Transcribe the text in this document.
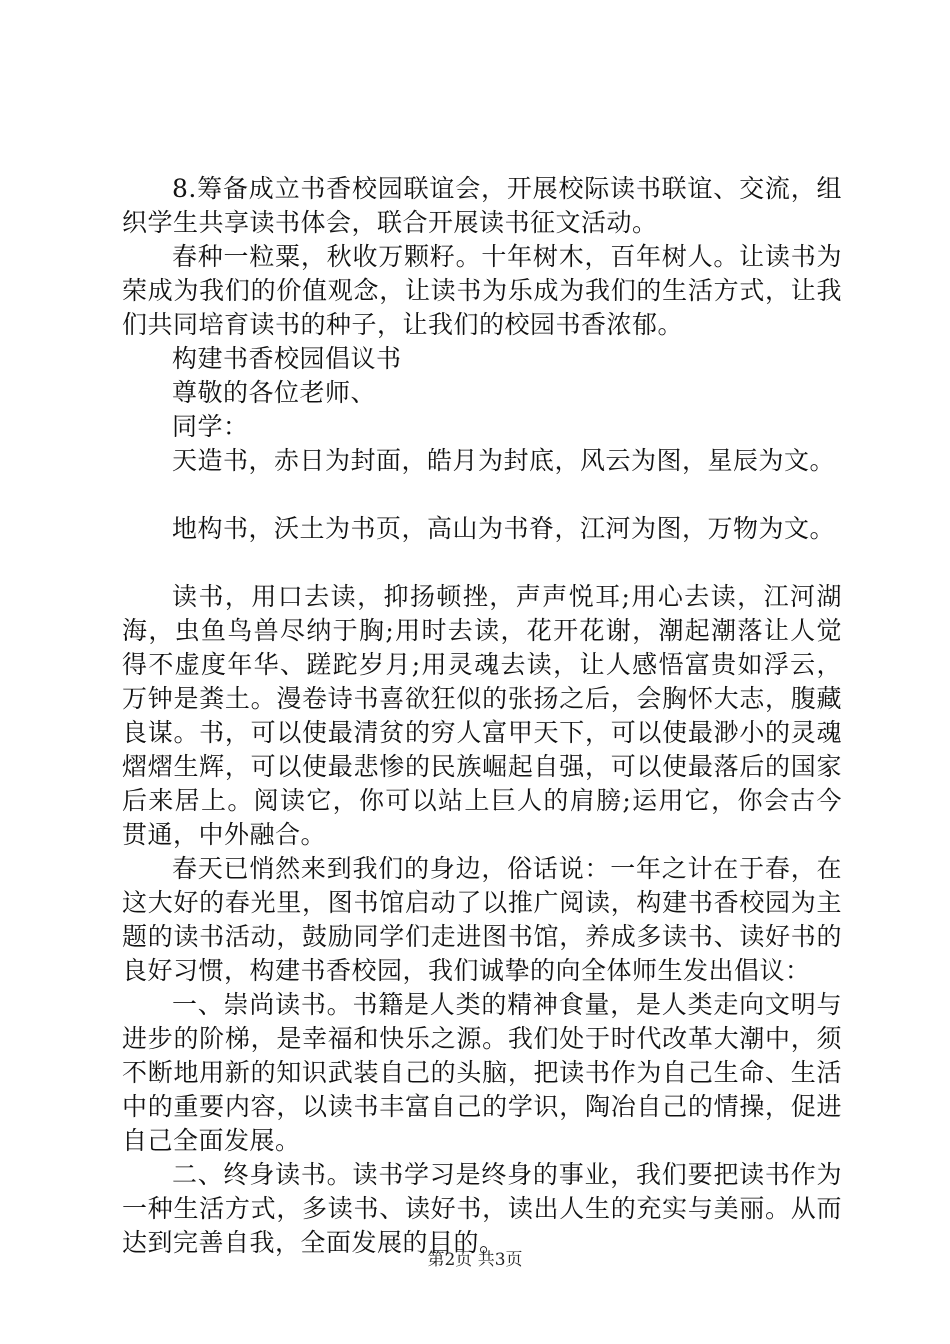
8.筹备成立书香校园联谊会，开展校际读书联谊、交流，组织学生共享读书体会，联合开展读书征文活动。

春种一粒粟，秋收万颗籽。十年树木，百年树人。让读书为荣成为我们的价值观念，让读书为乐成为我们的生活方式，让我们共同培育读书的种子，让我们的校园书香浓郁。

构建书香校园倡议书

尊敬的各位老师、

同学：

天造书，赤日为封面，皓月为封底，风云为图，星辰为文。

地构书，沃土为书页，高山为书脊，江河为图，万物为文。

读书，用口去读，抑扬顿挫，声声悦耳;用心去读，江河湖海，虫鱼鸟兽尽纳于胸;用时去读，花开花谢，潮起潮落让人觉得不虚度年华、蹉跎岁月;用灵魂去读，让人感悟富贵如浮云，万钟是粪土。漫卷诗书喜欲狂似的张扬之后，会胸怀大志，腹藏良谋。书，可以使最清贫的穷人富甲天下，可以使最渺小的灵魂熠熠生辉，可以使最悲惨的民族崛起自强，可以使最落后的国家后来居上。阅读它，你可以站上巨人的肩膀;运用它，你会古今贯通，中外融合。

春天已悄然来到我们的身边，俗话说：一年之计在于春，在这大好的春光里，图书馆启动了以推广阅读，构建书香校园为主题的读书活动，鼓励同学们走进图书馆，养成多读书、读好书的良好习惯，构建书香校园，我们诚挚的向全体师生发出倡议：

一、崇尚读书。书籍是人类的精神食量，是人类走向文明与进步的阶梯，是幸福和快乐之源。我们处于时代改革大潮中，须不断地用新的知识武装自己的头脑，把读书作为自己生命、生活中的重要内容，以读书丰富自己的学识，陶冶自己的情操，促进自己全面发展。

二、终身读书。读书学习是终身的事业，我们要把读书作为一种生活方式，多读书、读好书，读出人生的充实与美丽。从而达到完善自我，全面发展的目的。

第2页 共3页
